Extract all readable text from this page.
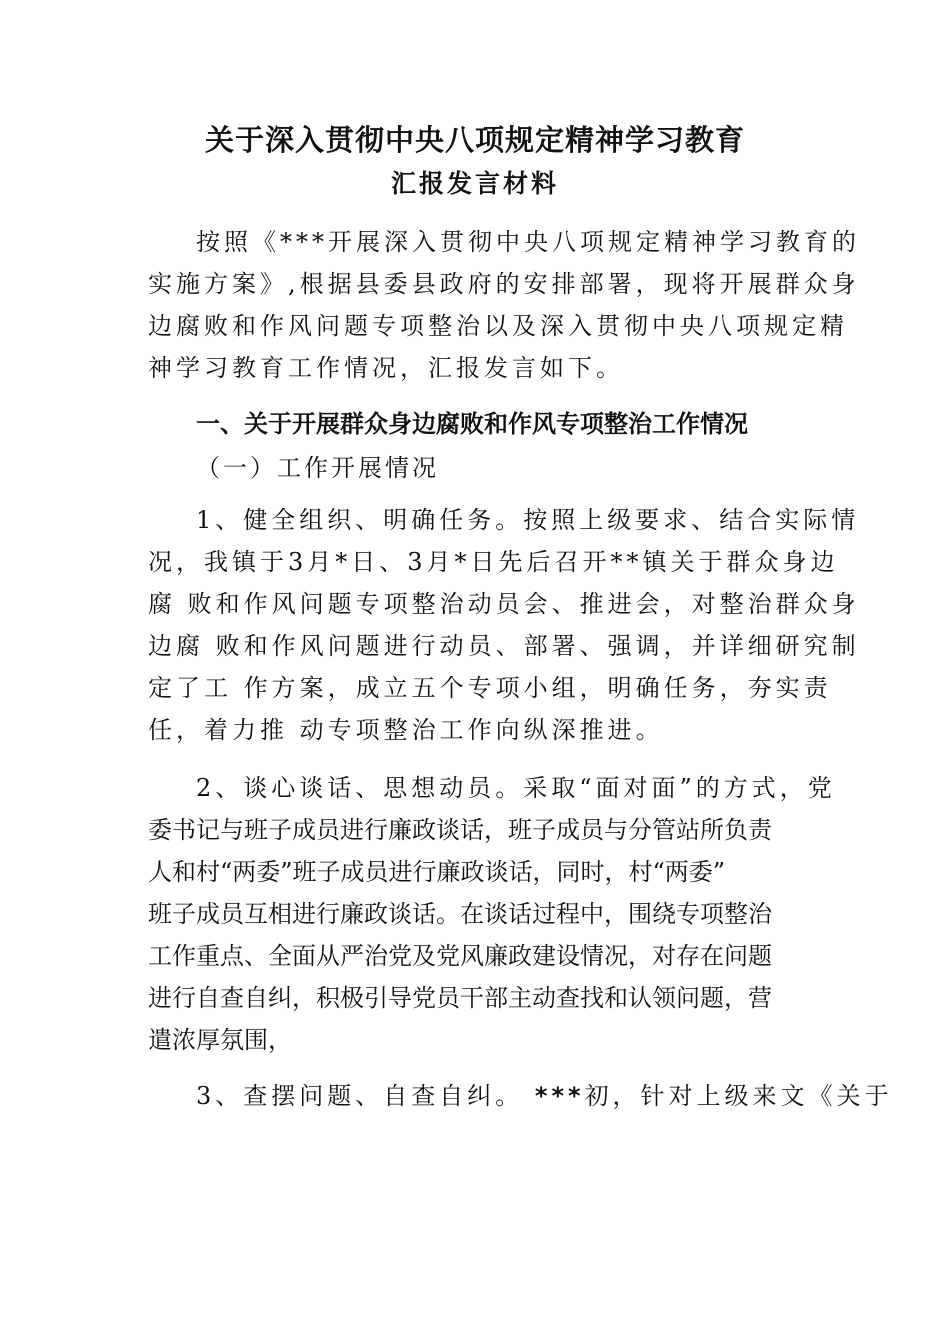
关于深入贯彻中央八项规定精神学习教育
汇报发言材料
按照《***开展深入贯彻中央八项规定精神学习教育的
实施方案》,根据县委县政府的安排部署，现将开展群众身
边腐败和作风问题专项整治以及深入贯彻中央八项规定精
神学习教育工作情况，汇报发言如下。
一、关于开展群众身边腐败和作风专项整治工作情况
（一）工作开展情况
1、健全组织、明确任务。按照上级要求、结合实际情
况，我镇于3月*日、3月*日先后召开**镇关于群众身边
腐 败和作风问题专项整治动员会、推进会，对整治群众身
边腐 败和作风问题进行动员、部署、强调，并详细研究制
定了工 作方案，成立五个专项小组，明确任务，夯实责
任，着力推 动专项整治工作向纵深推进。
2、谈心谈话、思想动员。采取“面对面”的方式，党
委书记与班子成员进行廉政谈话，班子成员与分管站所负责
人和村“两委”班子成员进行廉政谈话，同时，村“两委”
班子成员互相进行廉政谈话。在谈话过程中，围绕专项整治
工作重点、全面从严治党及党风廉政建设情况，对存在问题
进行自查自纠，积极引导党员干部主动查找和认领问题，营
遣浓厚氛围，
3、查摆问题、自查自纠。 ***初，针对上级来文《关于
